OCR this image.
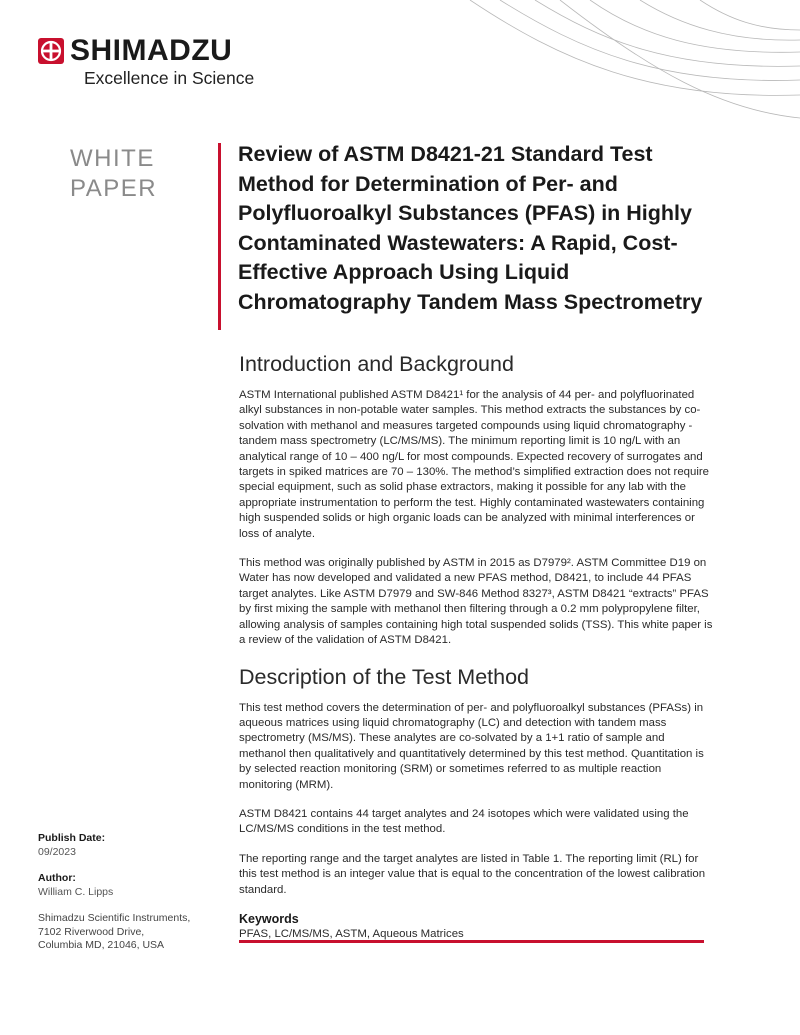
SHIMADZU
Excellence in Science
WHITE
PAPER
Review of ASTM D8421-21 Standard Test Method for Determination of Per- and Polyfluoroalkyl Substances (PFAS) in Highly Contaminated Wastewaters: A Rapid, Cost-Effective Approach Using Liquid Chromatography Tandem Mass Spectrometry
Introduction and Background

ASTM International published ASTM D8421¹ for the analysis of 44 per- and polyfluorinated alkyl substances in non-potable water samples. This method extracts the substances by co-solvation with methanol and measures targeted compounds using liquid chromatography - tandem mass spectrometry (LC/MS/MS). The minimum reporting limit is 10 ng/L with an analytical range of 10 – 400 ng/L for most compounds. Expected recovery of surrogates and targets in spiked matrices are 70 – 130%. The method’s simplified extraction does not require special equipment, such as solid phase extractors, making it possible for any lab with the appropriate instrumentation to perform the test. Highly contaminated wastewaters containing high suspended solids or high organic loads can be analyzed with minimal interferences or loss of analyte.

This method was originally published by ASTM in 2015 as D7979². ASTM Committee D19 on Water has now developed and validated a new PFAS method, D8421, to include 44 PFAS target analytes. Like ASTM D7979 and SW-846 Method 8327³, ASTM D8421 “extracts” PFAS by first mixing the sample with methanol then filtering through a 0.2 mm polypropylene filter, allowing analysis of samples containing high total suspended solids (TSS). This white paper is a review of the validation of ASTM D8421.

Description of the Test Method

This test method covers the determination of per- and polyfluoroalkyl substances (PFASs) in aqueous matrices using liquid chromatography (LC) and detection with tandem mass spectrometry (MS/MS). These analytes are co-solvated by a 1+1 ratio of sample and methanol then qualitatively and quantitatively determined by this test method. Quantitation is by selected reaction monitoring (SRM) or sometimes referred to as multiple reaction monitoring (MRM).

ASTM D8421 contains 44 target analytes and 24 isotopes which were validated using the LC/MS/MS conditions in the test method.

The reporting range and the target analytes are listed in Table 1. The reporting limit (RL) for this test method is an integer value that is equal to the concentration of the lowest calibration standard.

Keywords

PFAS, LC/MS/MS, ASTM, Aqueous Matrices

Publish Date:

09/2023

Author:

William C. Lipps

Shimadzu Scientific Instruments,
7102 Riverwood Drive,
Columbia MD, 21046, USA
